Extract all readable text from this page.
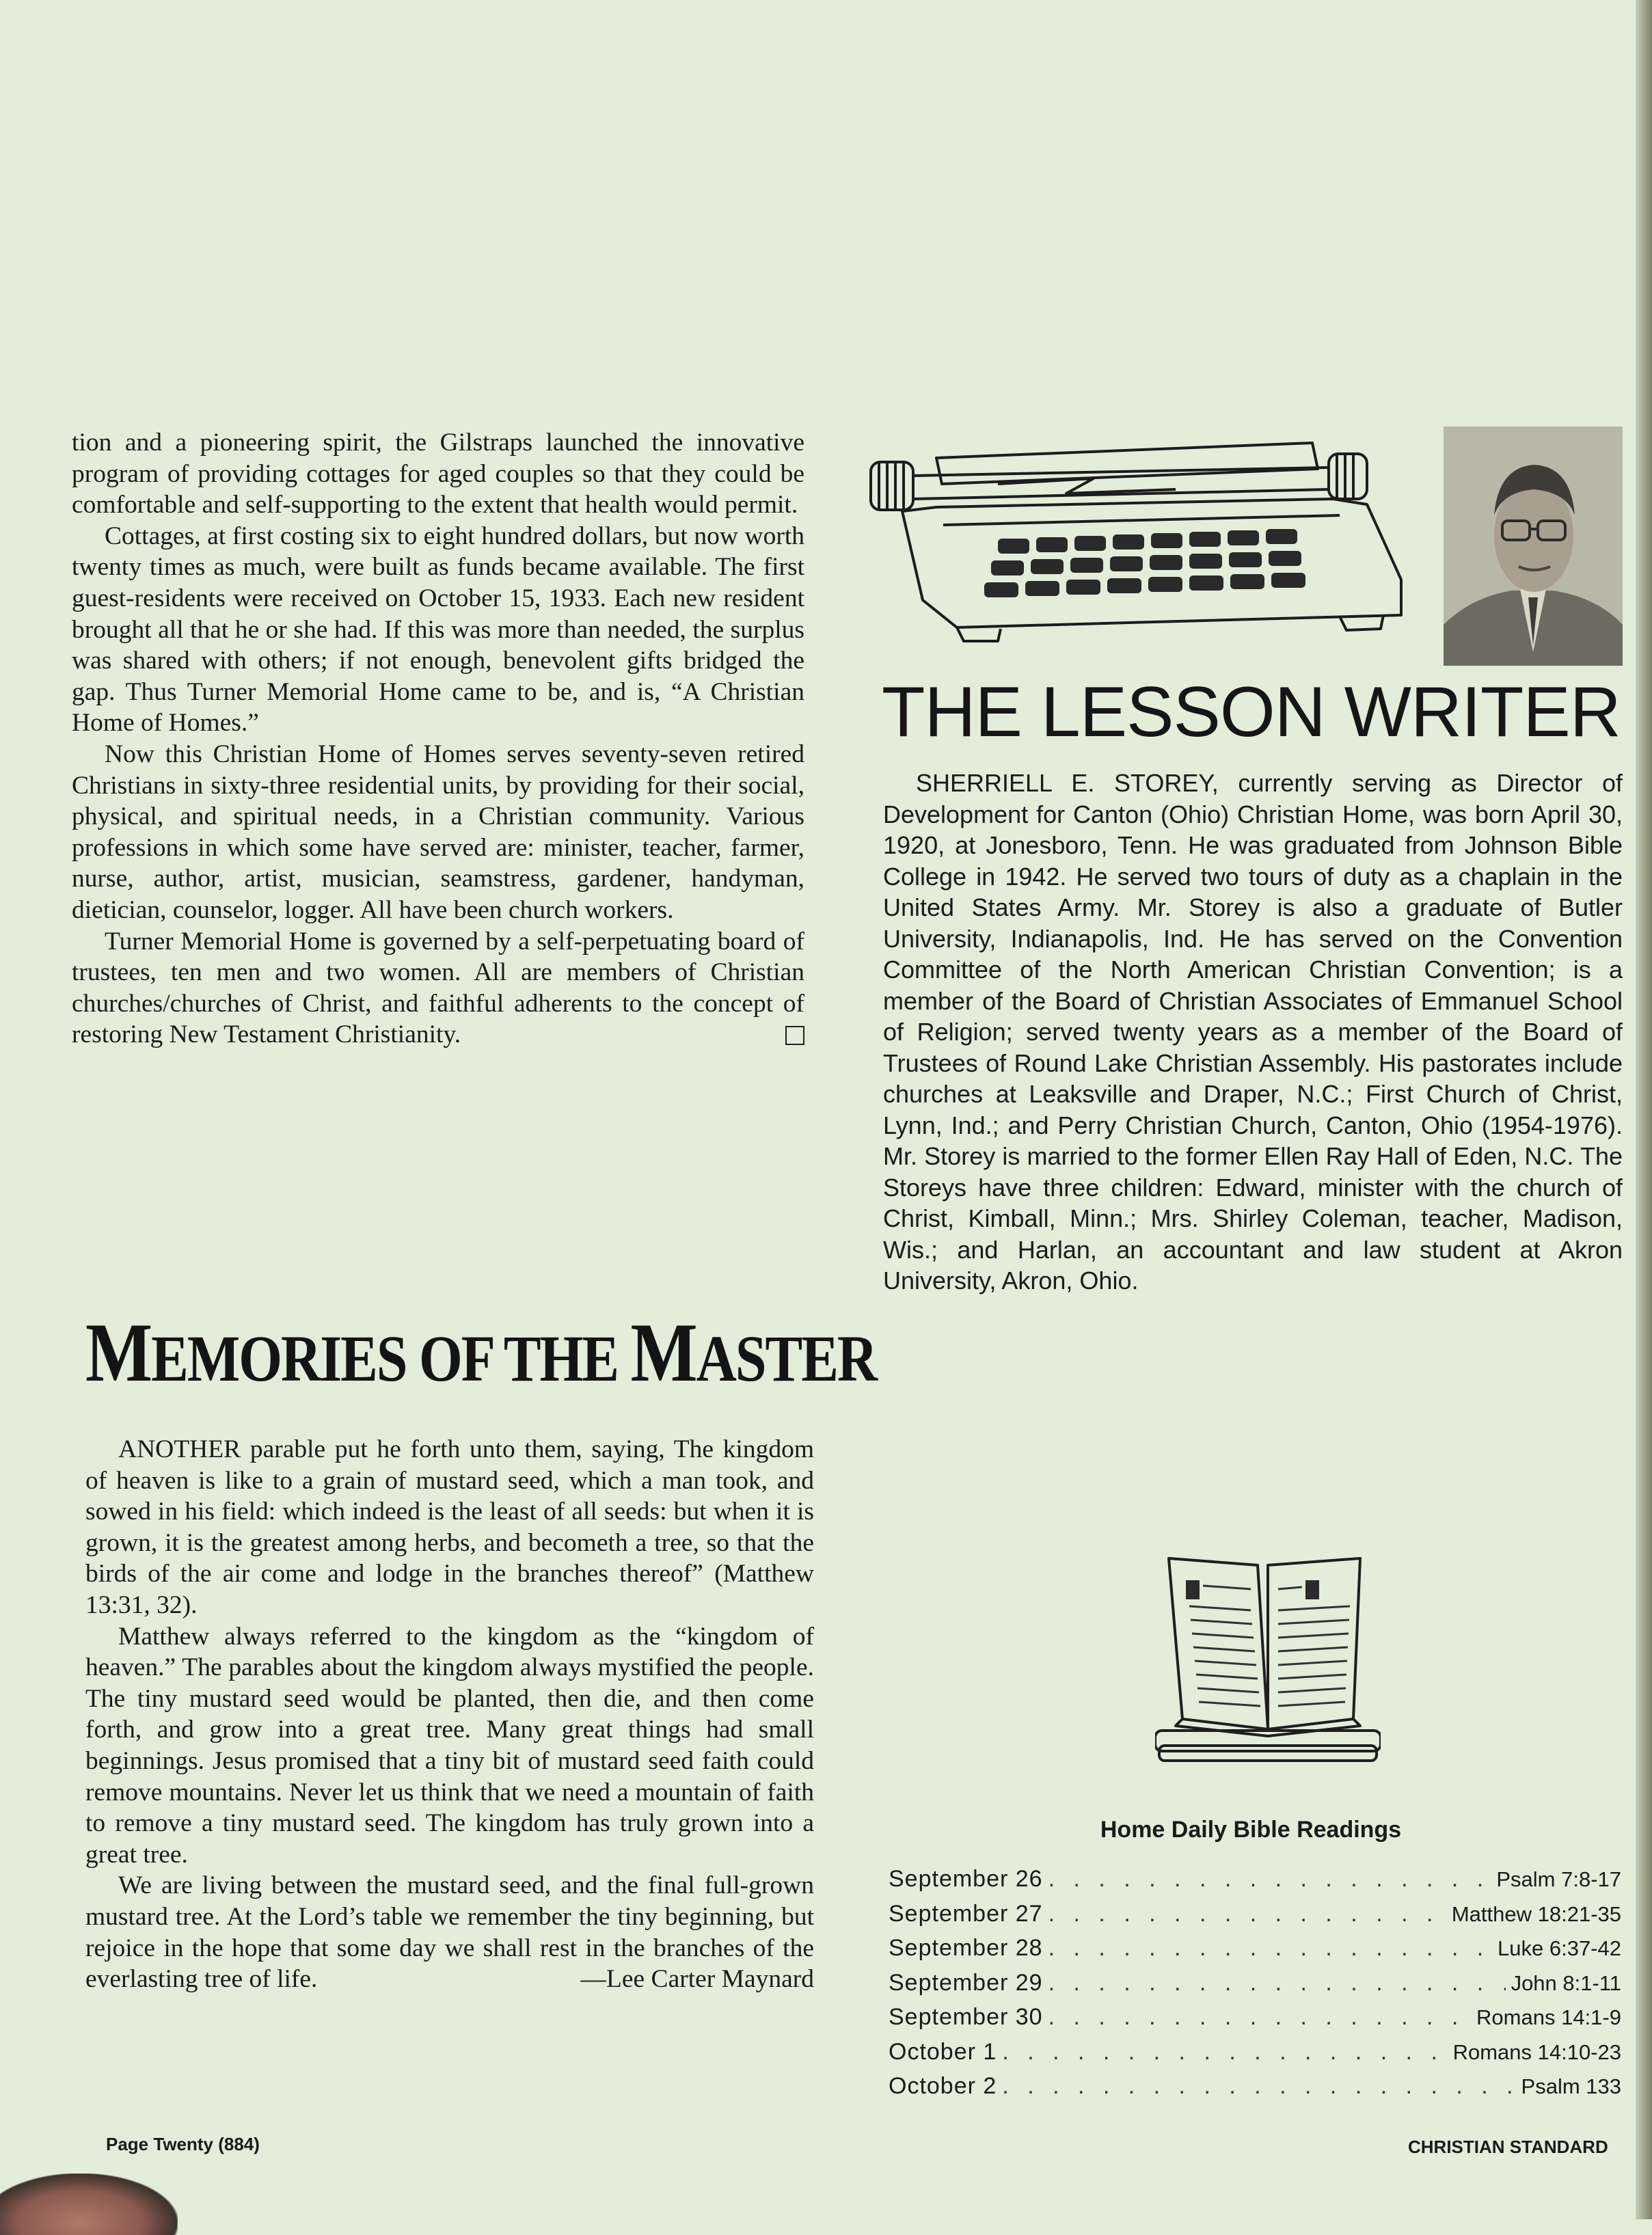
tion and a pioneering spirit, the Gilstraps launched the innovative program of providing cottages for aged couples so that they could be comfortable and self-supporting to the extent that health would permit.

Cottages, at first costing six to eight hundred dollars, but now worth twenty times as much, were built as funds became available. The first guest-residents were received on October 15, 1933. Each new resident brought all that he or she had. If this was more than needed, the surplus was shared with others; if not enough, benevolent gifts bridged the gap. Thus Turner Memorial Home came to be, and is, “A Christian Home of Homes.”

Now this Christian Home of Homes serves seventy-seven retired Christians in sixty-three residential units, by providing for their social, physical, and spiritual needs, in a Christian community. Various professions in which some have served are: minister, teacher, farmer, nurse, author, artist, musician, seamstress, gardener, handyman, dietician, counselor, logger. All have been church workers.

Turner Memorial Home is governed by a self-perpetuating board of trustees, ten men and two women. All are members of Christian churches/churches of Christ, and faithful adherents to the concept of restoring New Testament Christianity.

MEMORIES OF THE MASTER

ANOTHER parable put he forth unto them, saying, The kingdom of heaven is like to a grain of mustard seed, which a man took, and sowed in his field: which indeed is the least of all seeds: but when it is grown, it is the greatest among herbs, and becometh a tree, so that the birds of the air come and lodge in the branches thereof” (Matthew 13:31, 32).

Matthew always referred to the kingdom as the “kingdom of heaven.” The parables about the kingdom always mystified the people. The tiny mustard seed would be planted, then die, and then come forth, and grow into a great tree. Many great things had small beginnings. Jesus promised that a tiny bit of mustard seed faith could remove mountains. Never let us think that we need a mountain of faith to remove a tiny mustard seed. The kingdom has truly grown into a great tree.

We are living between the mustard seed, and the final full-grown mustard tree. At the Lord’s table we remember the tiny beginning, but rejoice in the hope that some day we shall rest in the branches of the everlasting tree of life.	—Lee Carter Maynard
THE LESSON WRITER

SHERRIELL E. STOREY, currently serving as Director of Development for Canton (Ohio) Christian Home, was born April 30, 1920, at Jonesboro, Tenn. He was graduated from Johnson Bible College in 1942. He served two tours of duty as a chaplain in the United States Army. Mr. Storey is also a graduate of Butler University, Indianapolis, Ind. He has served on the Convention Committee of the North American Christian Convention; is a member of the Board of Christian Associates of Emmanuel School of Religion; served twenty years as a member of the Board of Trustees of Round Lake Christian Assembly. His pastorates include churches at Leaksville and Draper, N.C.; First Church of Christ, Lynn, Ind.; and Perry Christian Church, Canton, Ohio (1954-1976). Mr. Storey is married to the former Ellen Ray Hall of Eden, N.C. The Storeys have three children: Edward, minister with the church of Christ, Kimball, Minn.; Mrs. Shirley Coleman, teacher, Madison, Wis.; and Harlan, an accountant and law student at Akron University, Akron, Ohio.

Home Daily Bible Readings
September 26 . . .	Psalm 7:8-17
September 27 . . .	Matthew 18:21-35
September 28 . . .	Luke 6:37-42
September 29 . . .	John 8:1-11
September 30 . . .	Romans 14:1-9
October 1 . . .	Romans 14:10-23
October 2 . . .	Psalm 133
Page Twenty (884)	CHRISTIAN STANDARD
